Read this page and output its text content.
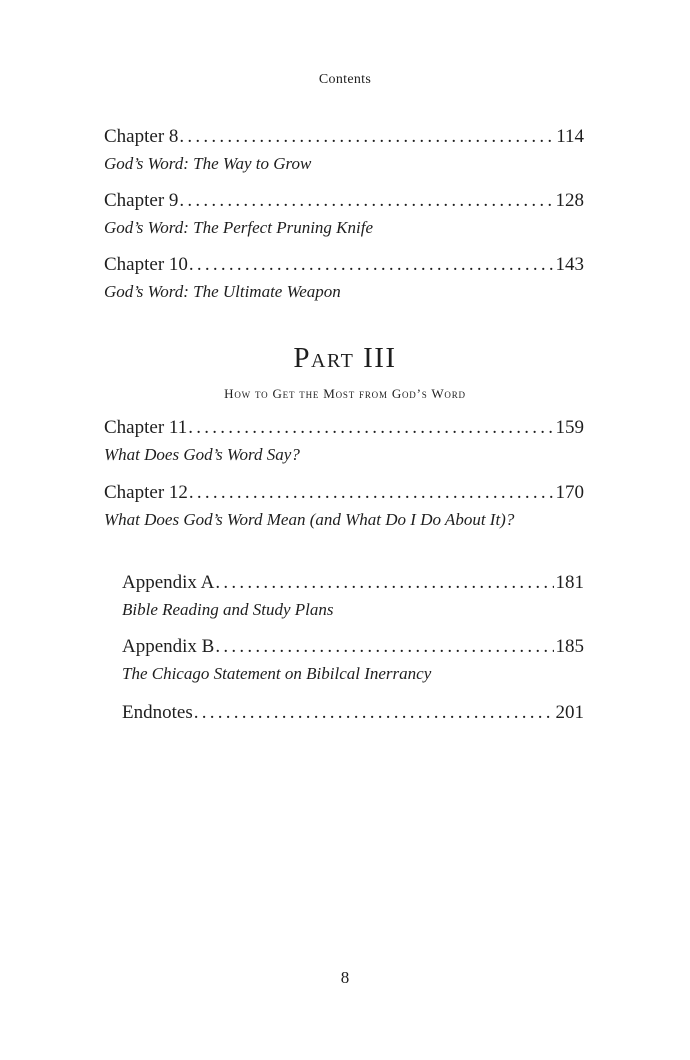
Contents
Chapter 8 . . .	114
God’s Word: The Way to Grow
Chapter 9 . . .	128
God’s Word: The Perfect Pruning Knife
Chapter 10 . . .	143
God’s Word: The Ultimate Weapon
Part III
How to Get the Most from God’s Word
Chapter 11 . . .	159
What Does God’s Word Say?
Chapter 12 . . .	170
What Does God’s Word Mean (and What Do I Do About It)?
Appendix A . . .	181
Bible Reading and Study Plans
Appendix B . . .	185
The Chicago Statement on Bibilcal Inerrancy
Endnotes . . .	201
8
